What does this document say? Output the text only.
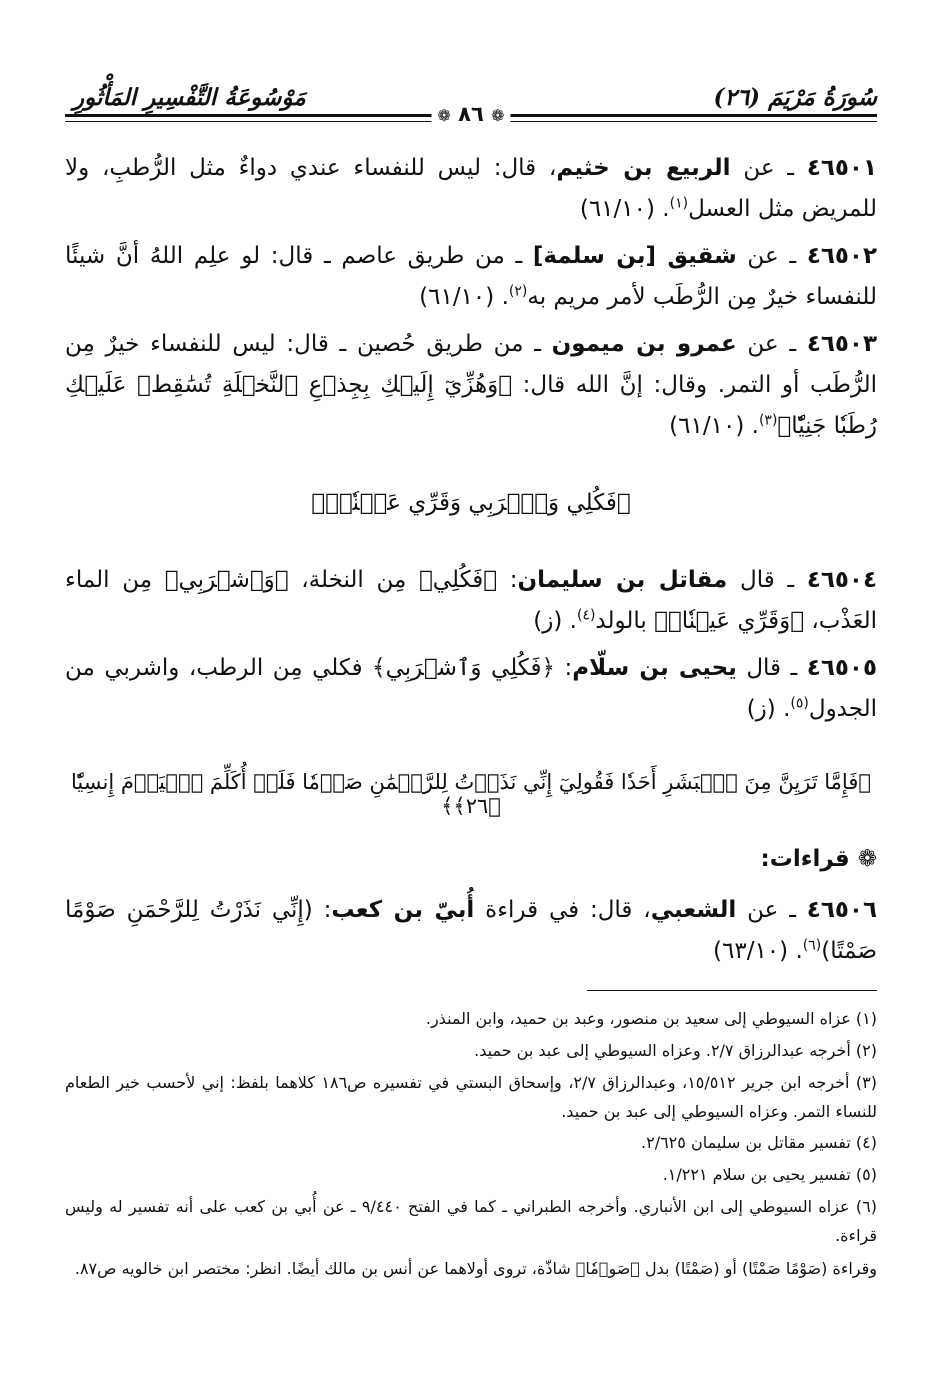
سُورَةُ مَرْيَمَ (٢٦)
مَوْسُوعَةُ التَّفْسِيرِ المَأْثُورِ
❁ ٨٦ ❁
٤٦٥٠١ ـ عن الربيع بن خثيم، قال: ليس للنفساء عندي دواءٌ مثل الرُّطبِ، ولا للمريض مثل العسل$^{(١)}$. (٦١/١٠)
٤٦٥٠٢ ـ عن شقيق [بن سلمة] ـ من طريق عاصم ـ قال: لو علِم اللهُ أنَّ شيئًا للنفساء خيرٌ مِن الرُّطَب لأمر مريم به$^{(٢)}$. (٦١/١٠)
٤٦٥٠٣ ـ عن عمرو بن ميمون ـ من طريق حُصين ـ قال: ليس للنفساء خيرٌ مِن الرُّطَب أو التمر. وقال: إنَّ الله قال: ﴿وَهُزِّيٓ إِلَيۡكِ بِجِذۡعِ ٱلنَّخۡلَةِ تُسَٰقِطۡ عَلَيۡكِ رُطَبٗا جَنِيّٗا﴾$^{(٣)}$. (٦١/١٠)
﴿فَكُلِي وَٱشۡرَبِي وَقَرِّي عَيۡنٗاۖ﴾
٤٦٥٠٤ ـ قال مقاتل بن سليمان: ﴿فَكُلِي﴾ مِن النخلة، ﴿وَٱشۡرَبِي﴾ مِن الماء العَذْب، ﴿وَقَرِّي عَيۡنٗاۖ﴾ بالولد$^{(٤)}$. (ز)
٤٦٥٠٥ ـ قال يحيى بن سلّام: ﴿فَكُلِي وَٱشۡرَبِي﴾ فكلي مِن الرطب، واشربي من الجدول$^{(٥)}$. (ز)
﴿فَإِمَّا تَرَيِنَّ مِنَ ٱلۡبَشَرِ أَحَدٗا فَقُولِيٓ إِنِّي نَذَرۡتُ لِلرَّحۡمَٰنِ صَوۡمٗا فَلَنۡ أُكَلِّمَ ٱلۡيَوۡمَ إِنسِيّٗا ﴿٢٦﴾﴾
❁ قراءات:
٤٦٥٠٦ ـ عن الشعبي، قال: في قراءة أُبيّ بن كعب: (إِنِّي نَذَرْتُ لِلرَّحْمَنِ صَوْمًا صَمْتًا)$^{(٦)}$. (٦٣/١٠)
(١) عزاه السيوطي إلى سعيد بن منصور، وعبد بن حميد، وابن المنذر.
(٢) أخرجه عبدالرزاق ٢/٧. وعزاه السيوطي إلى عبد بن حميد.
(٣) أخرجه ابن جرير ١٥/٥١٢، وعبدالرزاق ٢/٧، وإسحاق البستي في تفسيره ص١٨٦ كلاهما بلفظ: إني لأحسب خير الطعام للنساء التمر. وعزاه السيوطي إلى عبد بن حميد.
(٤) تفسير مقاتل بن سليمان ٢/٦٢٥.
(٥) تفسير يحيى بن سلام ١/٢٢١.
(٦) عزاه السيوطي إلى ابن الأنباري. وأخرجه الطبراني ـ كما في الفتح ٩/٤٤٠ ـ عن أُبي بن كعب على أنه تفسير له وليس قراءة.
وقراءة (صَوْمًا صَمْتًا) أو (صَمْتًا) بدل ﴿صَوۡمٗا﴾ شاذّة، تروى أولاهما عن أنس بن مالك أيضًا. انظر: مختصر ابن خالويه ص٨٧.
